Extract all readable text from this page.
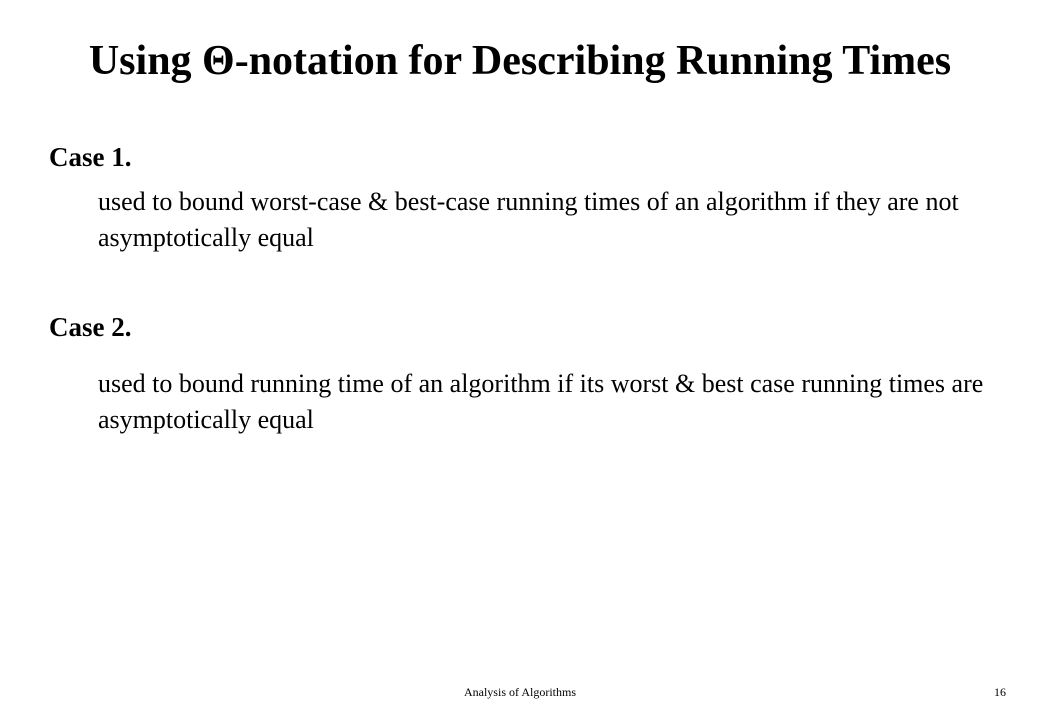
Using Θ-notation for Describing Running Times
Case 1.
used to bound worst-case & best-case running times of an algorithm if they are not asymptotically equal
Case 2.
used to bound running time of an algorithm if its worst & best case running times are asymptotically equal
Analysis of Algorithms	16
